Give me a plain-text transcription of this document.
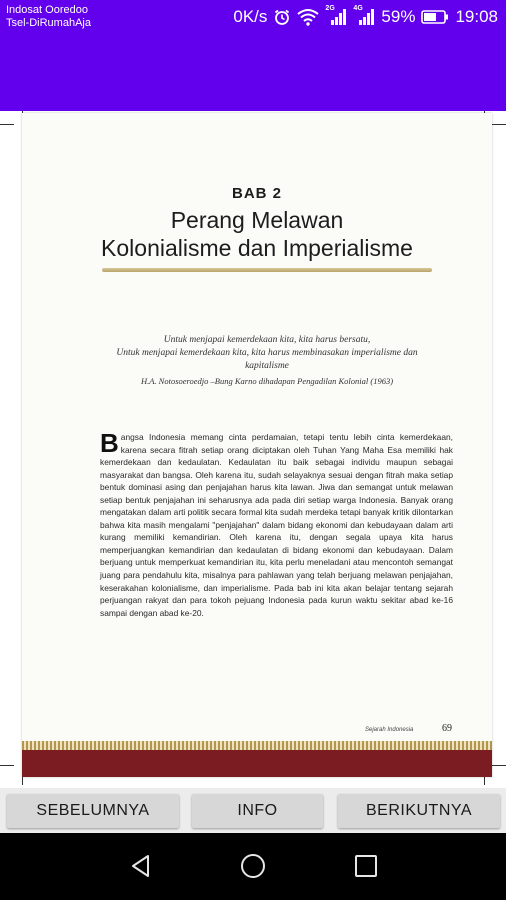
Indosat Ooredoo
Tsel-DiRumahAja	0K/s	2G	4G 59% 19:08
BAB 2
Perang Melawan
Kolonialisme dan Imperialisme
Untuk menjapai kemerdekaan kita, kita harus bersatu,
Untuk menjapai kemerdekaan kita, kita harus membinasakan imperialisme dan kapitalisme
H.A. Notosoeroedjo –Bung Karno dihadapan Pengadilan Kolonial (1963)
Bangsa Indonesia memang cinta perdamaian, tetapi tentu lebih cinta kemerdekaan, karena secara fitrah setiap orang diciptakan oleh Tuhan Yang Maha Esa memiliki hak kemerdekaan dan kedaulatan. Kedaulatan itu baik sebagai individu maupun sebagai masyarakat dan bangsa. Oleh karena itu, sudah selayaknya sesuai dengan fitrah maka setiap bentuk dominasi asing dan penjajahan harus kita lawan. Jiwa dan semangat untuk melawan setiap bentuk penjajahan ini seharusnya ada pada diri setiap warga Indonesia. Banyak orang mengatakan dalam arti politik secara formal kita sudah merdeka tetapi banyak kritik dilontarkan bahwa kita masih mengalami "penjajahan" dalam bidang ekonomi dan kebudayaan dalam arti kurang memiliki kemandirian. Oleh karena itu, dengan segala upaya kita harus memperjuangkan kemandirian dan kedaulatan di bidang ekonomi dan kebudayaan. Dalam berjuang untuk memperkuat kemandirian itu, kita perlu meneladani atau mencontoh semangat juang para pendahulu kita, misalnya para pahlawan yang telah berjuang melawan penjajahan, keserakahan kolonialisme, dan imperialisme. Pada bab ini kita akan belajar tentang sejarah perjuangan rakyat dan para tokoh pejuang Indonesia pada kurun waktu sekitar abad ke-16 sampai dengan abad ke-20.
Sejarah Indonesia	69
SEBELUMNYA	INFO	BERIKUTNYA
